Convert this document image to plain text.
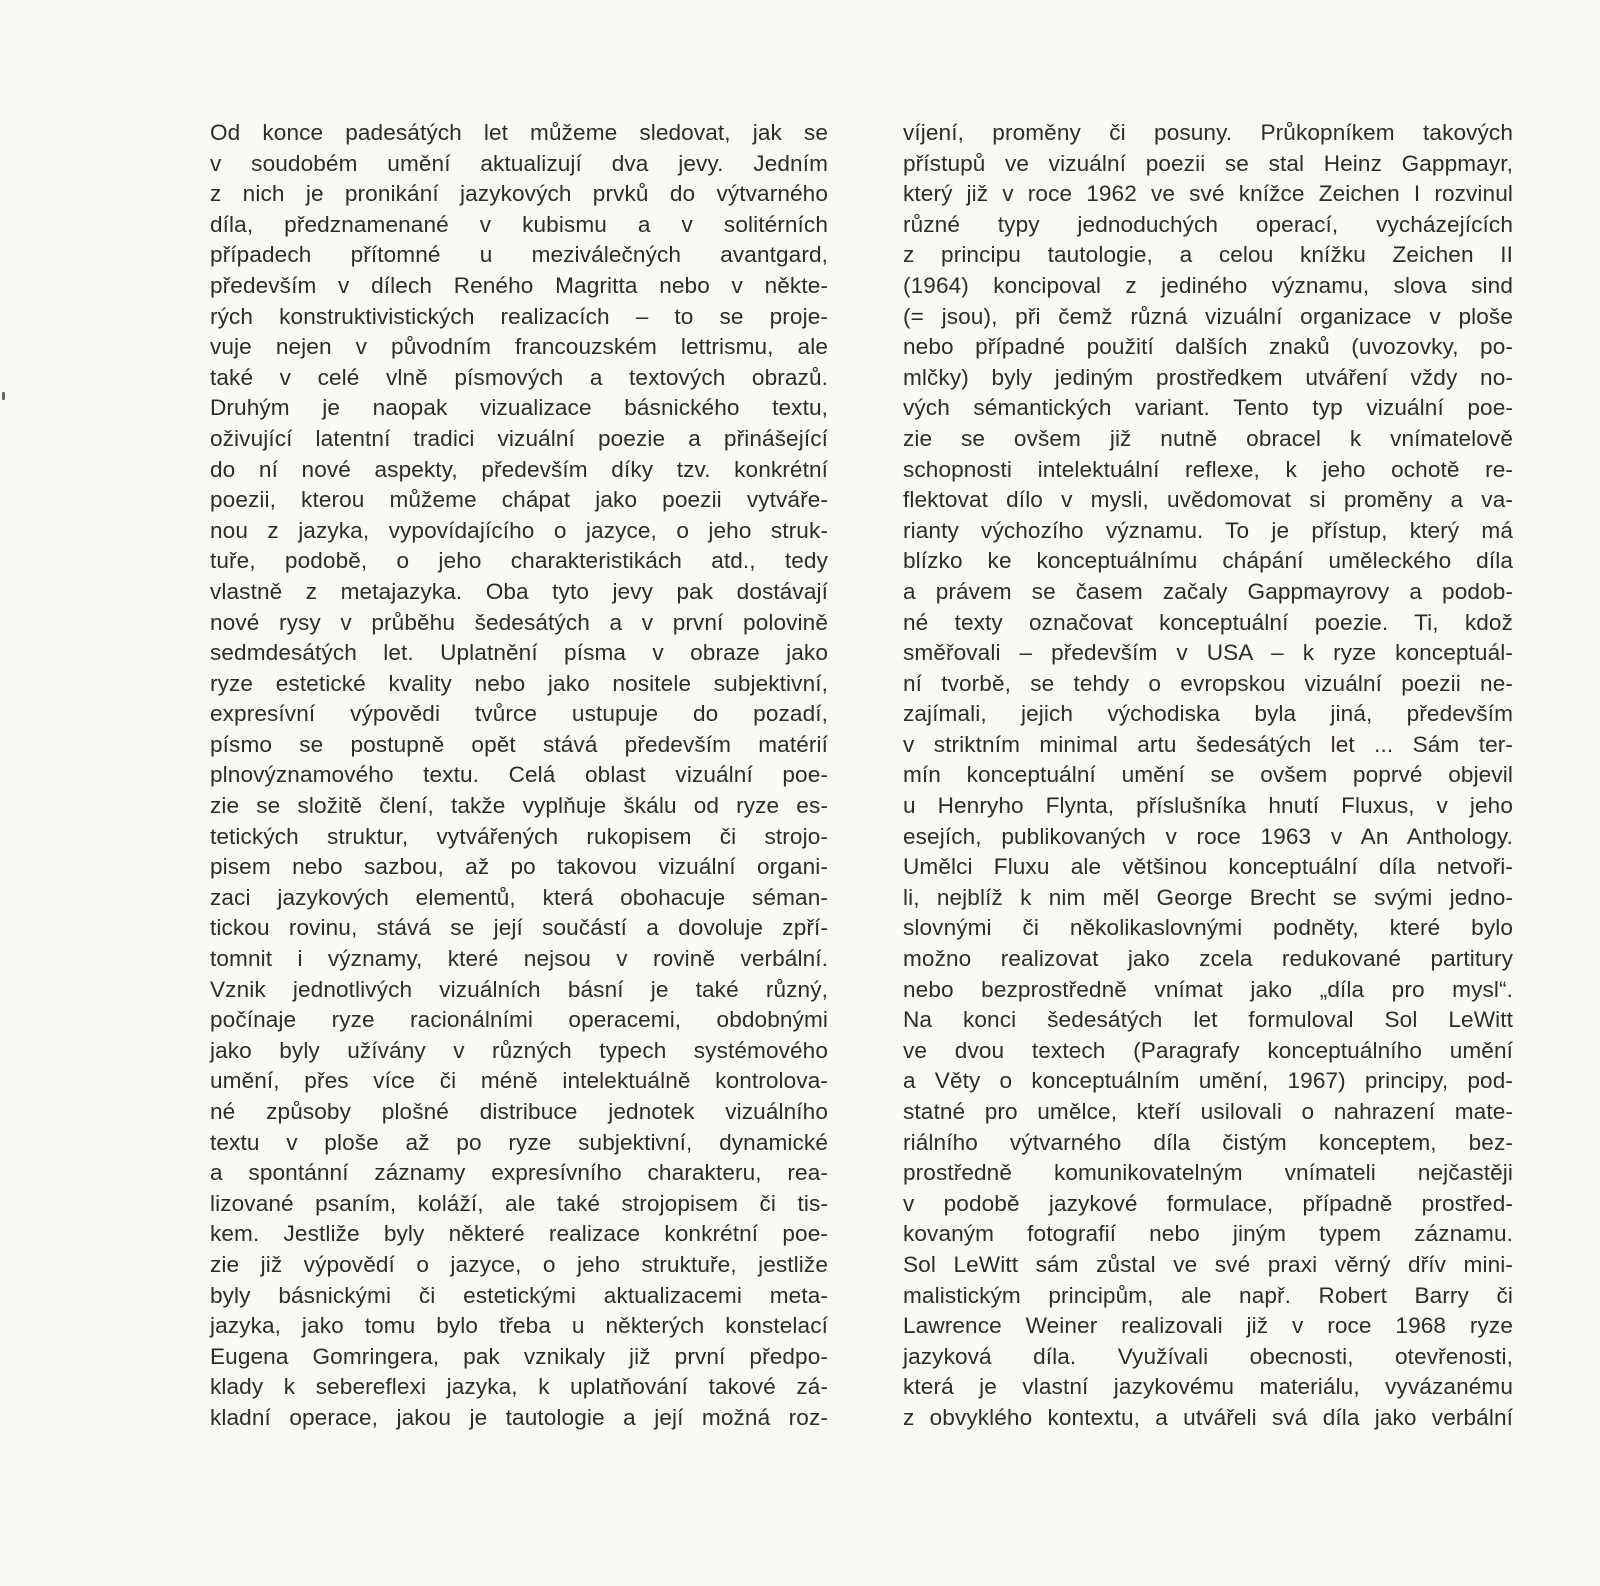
Od konce padesátých let můžeme sledovat, jak se
v soudobém umění aktualizují dva jevy. Jedním
z nich je pronikání jazykových prvků do výtvarného
díla, předznamenané v kubismu a v solitérních
případech přítomné u meziválečných avantgard,
především v dílech Reného Magritta nebo v někte-
rých konstruktivistických realizacích – to se proje-
vuje nejen v původním francouzském lettrismu, ale
také v celé vlně písmových a textových obrazů.
Druhým je naopak vizualizace básnického textu,
oživující latentní tradici vizuální poezie a přinášející
do ní nové aspekty, především díky tzv. konkrétní
poezii, kterou můžeme chápat jako poezii vytváře-
nou z jazyka, vypovídajícího o jazyce, o jeho struk-
tuře, podobě, o jeho charakteristikách atd., tedy
vlastně z metajazyka. Oba tyto jevy pak dostávají
nové rysy v průběhu šedesátých a v první polovině
sedmdesátých let. Uplatnění písma v obraze jako
ryze estetické kvality nebo jako nositele subjektivní,
expresívní výpovědi tvůrce ustupuje do pozadí,
písmo se postupně opět stává především matérií
plnovýznamového textu. Celá oblast vizuální poe-
zie se složitě člení, takže vyplňuje škálu od ryze es-
tetických struktur, vytvářených rukopisem či strojo-
pisem nebo sazbou, až po takovou vizuální organi-
zaci jazykových elementů, která obohacuje séman-
tickou rovinu, stává se její součástí a dovoluje zpří-
tomnit i významy, které nejsou v rovině verbální.
Vznik jednotlivých vizuálních básní je také různý,
počínaje ryze racionálními operacemi, obdobnými
jako byly užívány v různých typech systémového
umění, přes více či méně intelektuálně kontrolova-
né způsoby plošné distribuce jednotek vizuálního
textu v ploše až po ryze subjektivní, dynamické
a spontánní záznamy expresívního charakteru, rea-
lizované psaním, koláží, ale také strojopisem či tis-
kem. Jestliže byly některé realizace konkrétní poe-
zie již výpovědí o jazyce, o jeho struktuře, jestliže
byly básnickými či estetickými aktualizacemi meta-
jazyka, jako tomu bylo třeba u některých konstelací
Eugena Gomringera, pak vznikaly již první předpo-
klady k sebereflexi jazyka, k uplatňování takové zá-
kladní operace, jakou je tautologie a její možná roz-
víjení, proměny či posuny. Průkopníkem takových
přístupů ve vizuální poezii se stal Heinz Gappmayr,
který již v roce 1962 ve své knížce Zeichen I rozvinul
různé typy jednoduchých operací, vycházejících
z principu tautologie, a celou knížku Zeichen II
(1964) koncipoval z jediného významu, slova sind
(= jsou), při čemž různá vizuální organizace v ploše
nebo případné použití dalších znaků (uvozovky, po-
mlčky) byly jediným prostředkem utváření vždy no-
vých sémantických variant. Tento typ vizuální poe-
zie se ovšem již nutně obracel k vnímatelově
schopnosti intelektuální reflexe, k jeho ochotě re-
flektovat dílo v mysli, uvědomovat si proměny a va-
rianty výchozího významu. To je přístup, který má
blízko ke konceptuálnímu chápání uměleckého díla
a právem se časem začaly Gappmayrovy a podob-
né texty označovat konceptuální poezie. Ti, kdož
směřovali – především v USA – k ryze konceptuál-
ní tvorbě, se tehdy o evropskou vizuální poezii ne-
zajímali, jejich východiska byla jiná, především
v striktním minimal artu šedesátých let ... Sám ter-
mín konceptuální umění se ovšem poprvé objevil
u Henryho Flynta, příslušníka hnutí Fluxus, v jeho
esejích, publikovaných v roce 1963 v An Anthology.
Umělci Fluxu ale většinou konceptuální díla netvoři-
li, nejblíž k nim měl George Brecht se svými jedno-
slovnými či několikaslovnými podněty, které bylo
možno realizovat jako zcela redukované partitury
nebo bezprostředně vnímat jako „díla pro mysl“.
Na konci šedesátých let formuloval Sol LeWitt
ve dvou textech (Paragrafy konceptuálního umění
a Věty o konceptuálním umění, 1967) principy, pod-
statné pro umělce, kteří usilovali o nahrazení mate-
riálního výtvarného díla čistým konceptem, bez-
prostředně komunikovatelným vnímateli nejčastěji
v podobě jazykové formulace, případně prostřed-
kovaným fotografií nebo jiným typem záznamu.
Sol LeWitt sám zůstal ve své praxi věrný dřív mini-
malistickým principům, ale např. Robert Barry či
Lawrence Weiner realizovali již v roce 1968 ryze
jazyková díla. Využívali obecnosti, otevřenosti,
která je vlastní jazykovému materiálu, vyvázanému
z obvyklého kontextu, a utvářeli svá díla jako verbální
